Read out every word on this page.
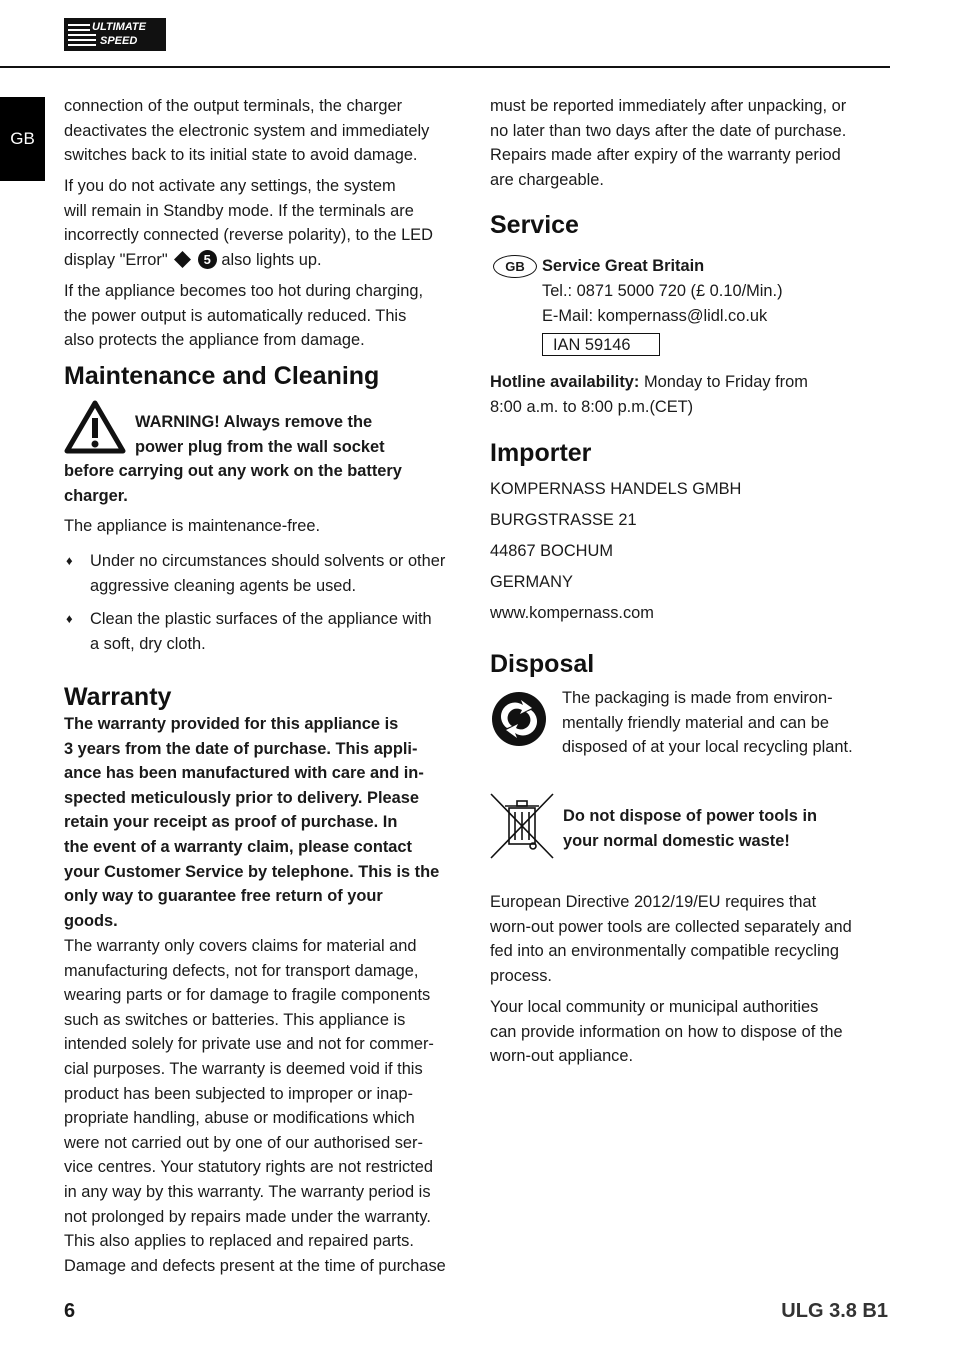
ULTIMATE
SPEED
GB
connection of the output terminals, the charger
deactivates the electronic system and immediately
switches back to its initial state to avoid damage.
If you do not activate any settings, the system
will remain in Standby mode. If the terminals are
incorrectly connected (reverse polarity), to the LED
display "Error"	5 also lights up.
If the appliance becomes too hot during charging,
the power output is automatically reduced. This
also protects the appliance from damage.
Maintenance and Cleaning
WARNING! Always remove the
power plug from the wall socket
before carrying out any work on the battery
charger.
The appliance is maintenance-free.
♦ Under no circumstances should solvents or other
aggressive cleaning agents be used.
♦ Clean the plastic surfaces of the appliance with
a soft, dry cloth.
Warranty
The warranty provided for this appliance is
3 years from the date of purchase. This appli-
ance has been manufactured with care and in-
spected meticulously prior to delivery. Please
retain your receipt as proof of purchase. In
the event of a warranty claim, please contact
your Customer Service by telephone. This is the
only way to guarantee free return of your
goods.
The warranty only covers claims for material and
manufacturing defects, not for transport damage,
wearing parts or for damage to fragile components
such as switches or batteries. This appliance is
intended solely for private use and not for commer-
cial purposes. The warranty is deemed void if this
product has been subjected to improper or inap-
propriate handling, abuse or modifications which
were not carried out by one of our authorised ser-
vice centres. Your statutory rights are not restricted
in any way by this warranty. The warranty period is
not prolonged by repairs made under the warranty.
This also applies to replaced and repaired parts.
Damage and defects present at the time of purchase
must be reported immediately after unpacking, or
no later than two days after the date of purchase.
Repairs made after expiry of the warranty period
are chargeable.
Service
GB	Service Great Britain
Tel.: 0871 5000 720 (£ 0.10/Min.)
E-Mail: kompernass@lidl.co.uk
IAN 59146
Hotline availability: Monday to Friday from
8:00 a.m. to 8:00 p.m.(CET)
Importer
KOMPERNASS HANDELS GMBH
BURGSTRASSE 21
44867 BOCHUM
GERMANY
www.kompernass.com
Disposal
The packaging is made from environ-
mentally friendly material and can be
disposed of at your local recycling plant.
Do not dispose of power tools in
your normal domestic waste!
European Directive 2012/19/EU requires that
worn-out power tools are collected separately and
fed into an environmentally compatible recycling
process.
Your local community or municipal authorities
can provide information on how to dispose of the
worn-out appliance.
6	ULG 3.8 B1
